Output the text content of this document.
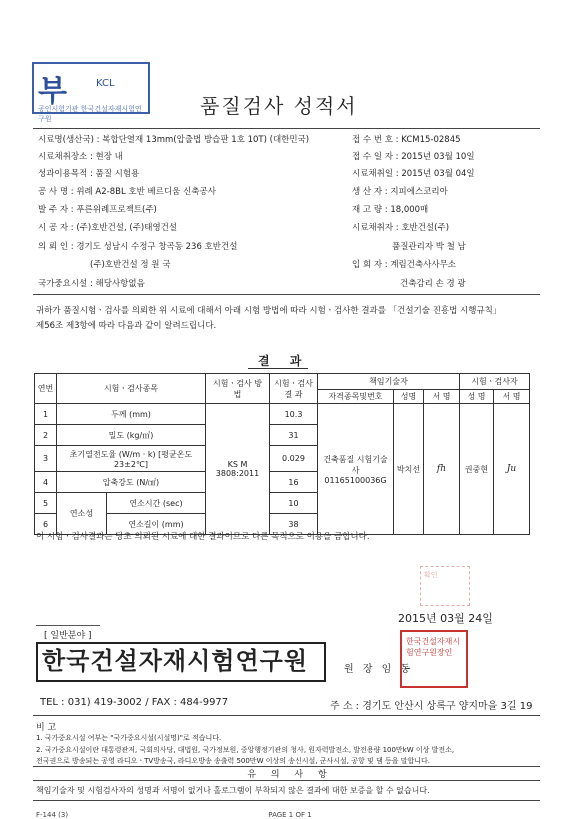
부	KCL
공인시험기관 한국건설자재시험연구원
품질검사 성적서
시료명(생산국) : 복합단열재 13mm(압출법 방습판 1호 10T) (대한민국)	접 수 번 호 : KCM15-02845
시료채취장소 : 현장 내	접 수 일 자 : 2015년 03월 10일
성과이용목적 : 품질 시험용	시료채취일 : 2015년 03월 04일
공 사 명 : 위례 A2-8BL 호반 베르디움 신축공사	생 산 자 : 지피에스코리아
발 주 자 : 푸른위례프로젝트(주)	재 고 량 : 18,000매
시 공 자 : (주)호반건설, (주)태영건설	시료채취자 : 호반건설(주)
의 뢰 인 : 경기도 성남시 수정구 창곡동 236 호반건설	품질관리자 박 철 남
(주)호반건설 정 원 국	입 회 자 : 계림건축사사무소
국가중요시설 : 해당사항없음	건축감리 손 경 광
귀하가 품질시험ㆍ검사를 의뢰한 위 시료에 대해서 아래 시험 방법에 따라 시험ㆍ검사한 결과를 「건설기술 진흥법 시행규칙」
제56조 제3항에 따라 다음과 같이 알려드립니다.
결 과
연번	시험ㆍ검사종목		시험ㆍ검사 방 법	시험ㆍ검사 결 과	책임기술자			시험ㆍ검사자	
					자격종목및번호	성명	서 명	성 명	서 명
1	두께 (mm)		KS M 3808:2011	10.3	건축품질 시험기술사 01165100036G	박치선	fh	권중현	Ju
2	밀도 (kg/㎥)			31					
3	초기열전도율 (W/m · k) [평균온도 23±2℃]			0.029					
4	압축강도 (N/㎠)			16					
5	연소성	연소시간 (sec)		10					
6		연소길이 (mm)		38					
이 시험ㆍ검사결과는 당초 의뢰된 시료에 대한 결과이므로 다른 목적으로 이용을 금합니다.
확인
2015년 03월 24일
[ 일반분야 ]
한국건설자재시험연구원	원 장 임 동
한국건설자재시험연구원장인
TEL : 031) 419-3002 / FAX : 484-9977	주 소 : 경기도 안산시 상록구 양지마을 3길 19
비 고
1. 국가중요시설 여부는 "국가중요시설(시설명)"로 적습니다.
2. 국가중요시설이란 대통령관저, 국회의사당, 대법원, 국가정보원, 중앙행정기관의 청사, 원자력발전소, 발전용량 100만kW 이상 발전소,
전국권으로 방송되는 공영 라디오ㆍTV방송국, 라디오방송 송출력 500만W 이상의 송신시설, 군사시설, 공항 및 댐 등을 말합니다.
유 의 사 항
책임기술자 및 시험검사자의 성명과 서명이 없거나 홀로그램이 부착되지 않은 결과에 대한 보증을 할 수 없습니다.
F-144 (3)	PAGE 1 OF 1
